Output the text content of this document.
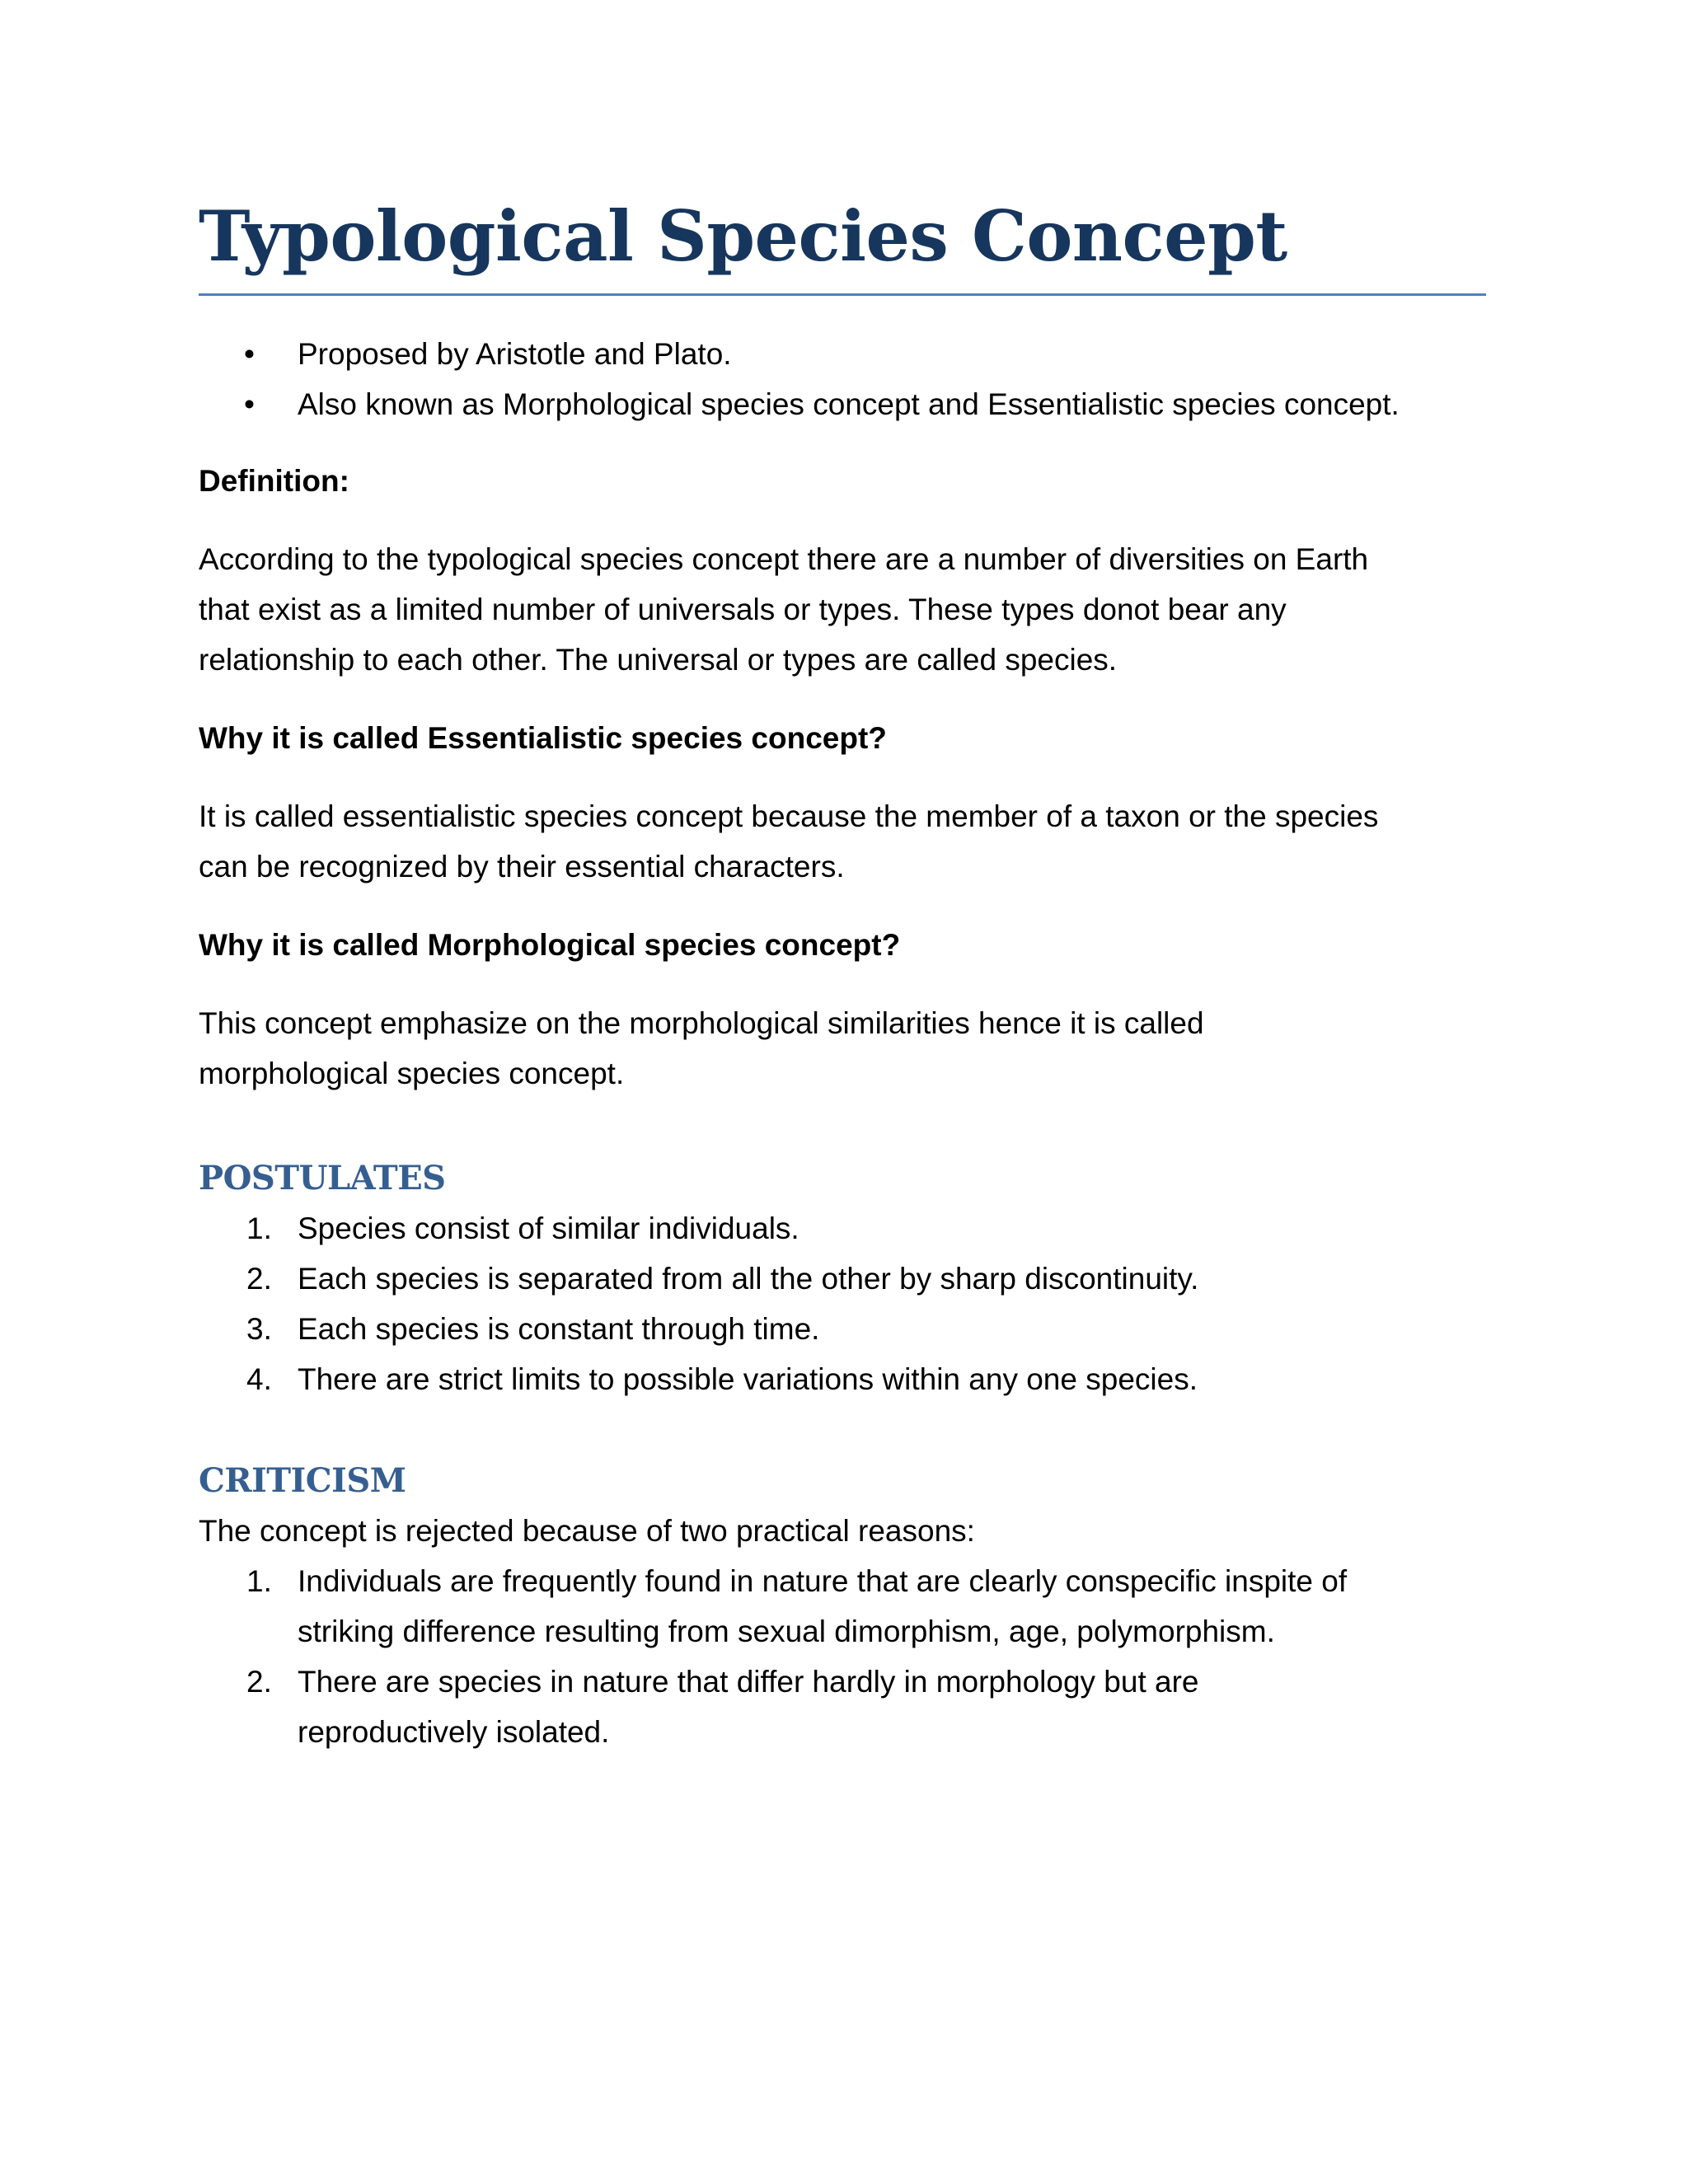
Typological Species Concept
• Proposed by Aristotle and Plato.
• Also known as Morphological species concept and Essentialistic species concept.

Definition:

According to the typological species concept there are a number of diversities on Earth

that exist as a limited number of universals or types. These types donot bear any

relationship to each other. The universal or types are called species.

Why it is called Essentialistic species concept?

It is called essentialistic species concept because the member of a taxon or the species

can be recognized by their essential characters.

Why it is called Morphological species concept?

This concept emphasize on the morphological similarities hence it is called

morphological species concept.

POSTULATES
1. Species consist of similar individuals.
2. Each species is separated from all the other by sharp discontinuity.
3. Each species is constant through time.
4. There are strict limits to possible variations within any one species.
CRITICISM

The concept is rejected because of two practical reasons:

1. Individuals are frequently found in nature that are clearly conspecific inspite of

striking difference resulting from sexual dimorphism, age, polymorphism.

2. There are species in nature that differ hardly in morphology but are

reproductively isolated.
